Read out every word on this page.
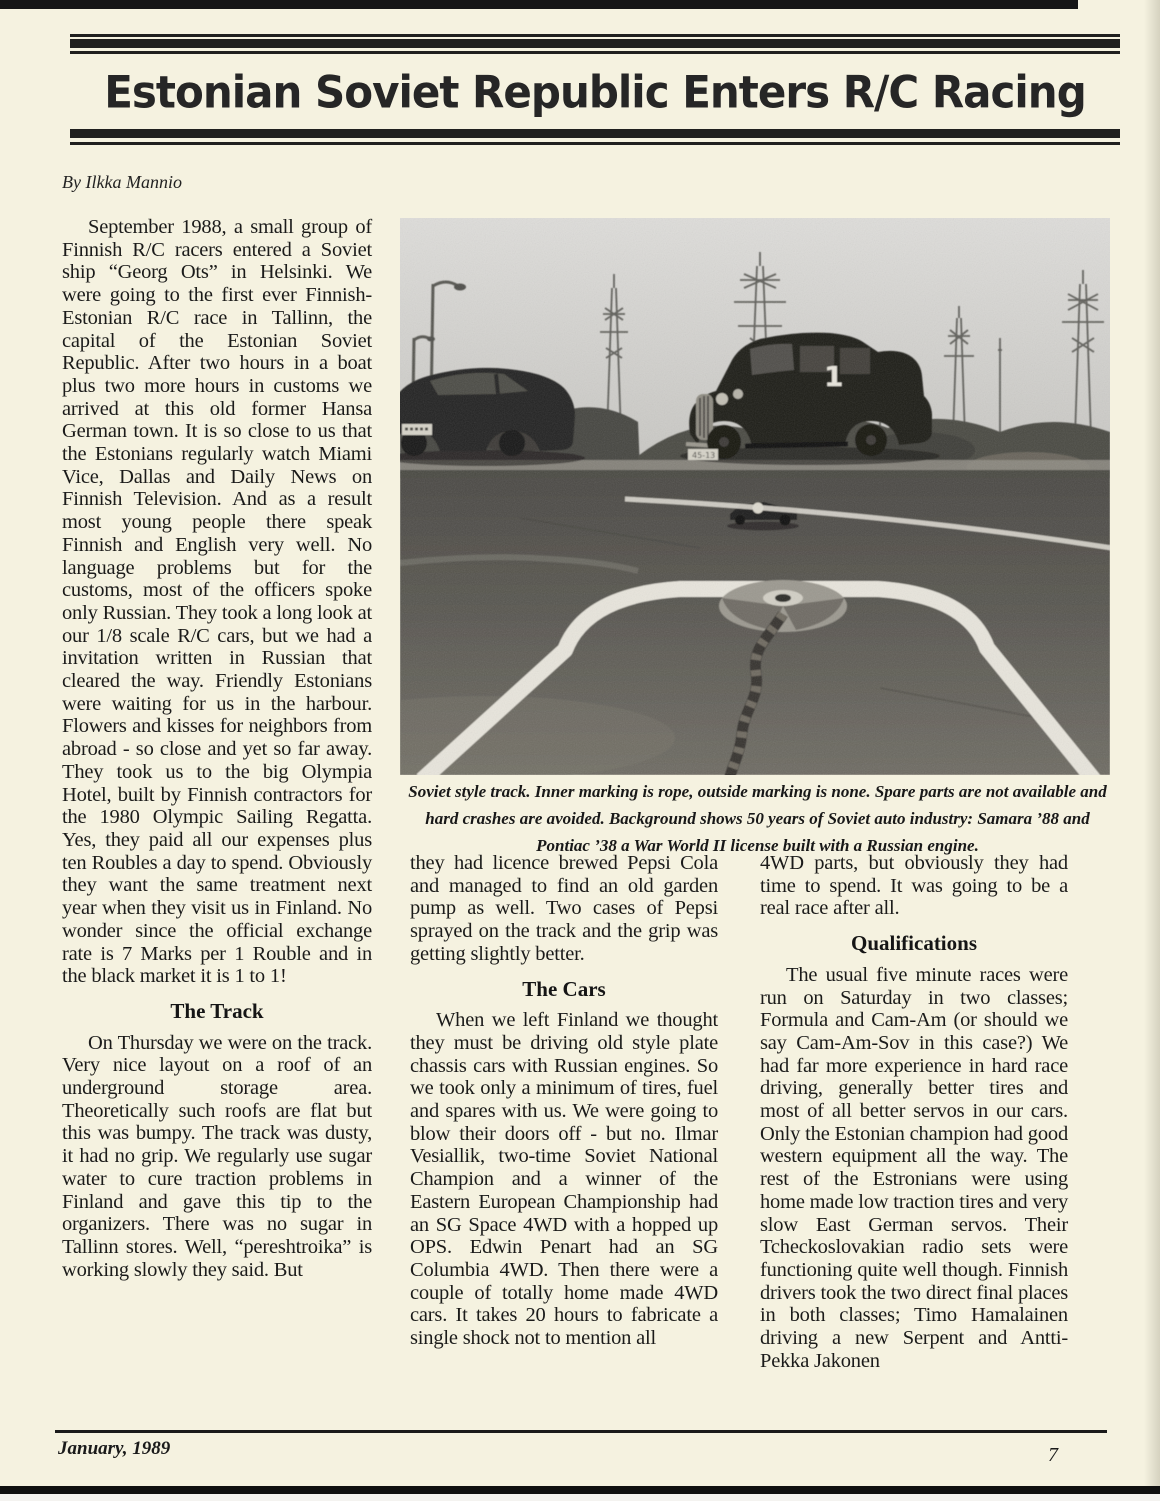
Estonian Soviet Republic Enters R/C Racing
By Ilkka Mannio

September 1988, a small group of Finnish R/C racers entered a Soviet ship “Georg Ots” in Helsinki. We were going to the first ever Finnish-Estonian R/C race in Tallinn, the capital of the Estonian Soviet Republic. After two hours in a boat plus two more hours in customs we arrived at this old former Hansa German town. It is so close to us that the Estonians regularly watch Miami Vice, Dallas and Daily News on Finnish Television. And as a result most young people there speak Finnish and English very well. No language problems but for the customs, most of the officers spoke only Russian. They took a long look at our 1/8 scale R/C cars, but we had a invitation written in Russian that cleared the way. Friendly Estonians were waiting for us in the harbour. Flowers and kisses for neighbors from abroad - so close and yet so far away. They took us to the big Olympia Hotel, built by Finnish contractors for the 1980 Olympic Sailing Regatta. Yes, they paid all our expenses plus ten Roubles a day to spend. Obviously they want the same treatment next year when they visit us in Finland. No wonder since the official exchange rate is 7 Marks per 1 Rouble and in the black market it is 1 to 1!

The Track

On Thursday we were on the track. Very nice layout on a roof of an underground storage area. Theoretically such roofs are flat but this was bumpy. The track was dusty, it had no grip. We regularly use sugar water to cure traction problems in Finland and gave this tip to the organizers. There was no sugar in Tallinn stores. Well, “pereshtroika” is working slowly they said. But

45-13
1
Soviet style track. Inner marking is rope, outside marking is none. Spare parts are not available and hard crashes are avoided. Background shows 50 years of Soviet auto industry: Samara ’88 and Pontiac ’38 a War World II license built with a Russian engine.

they had licence brewed Pepsi Cola and managed to find an old garden pump as well. Two cases of Pepsi sprayed on the track and the grip was getting slightly better.

The Cars

When we left Finland we thought they must be driving old style plate chassis cars with Russian engines. So we took only a minimum of tires, fuel and spares with us. We were going to blow their doors off - but no. Ilmar Vesiallik, two-time Soviet National Champion and a winner of the Eastern European Championship had an SG Space 4WD with a hopped up OPS. Edwin Penart had an SG Columbia 4WD. Then there were a couple of totally home made 4WD cars. It takes 20 hours to fabricate a single shock not to mention all

4WD parts, but obviously they had time to spend. It was going to be a real race after all.

Qualifications

The usual five minute races were run on Saturday in two classes; Formula and Cam-Am (or should we say Cam-Am-Sov in this case?) We had far more experience in hard race driving, generally better tires and most of all better servos in our cars. Only the Estonian champion had good western equipment all the way. The rest of the Estronians were using home made low traction tires and very slow East German servos. Their Tcheckoslovakian radio sets were functioning quite well though. Finnish drivers took the two direct final places in both classes; Timo Hamalainen driving a new Serpent and Antti-Pekka Jakonen

January, 1989	7
